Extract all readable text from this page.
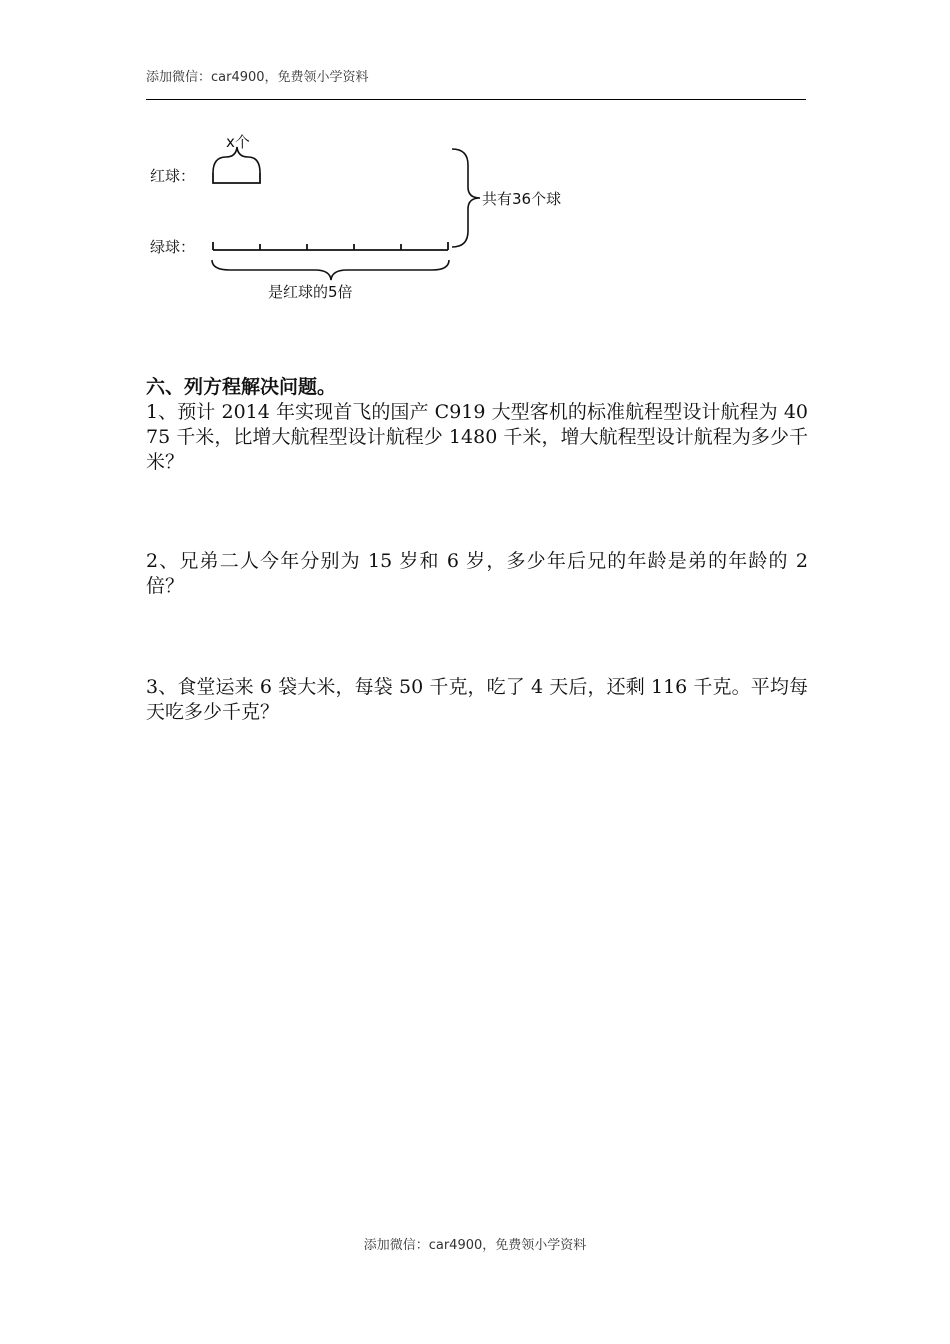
添加微信：car4900，免费领小学资料
红球：
x个
绿球：
是红球的5倍
共有36个球
六、列方程解决问题。
1、预计 2014 年实现首飞的国产 C919 大型客机的标准航程型设计航程为 4075 千米，比增大航程型设计航程少 1480 千米，增大航程型设计航程为多少千米？
2、兄弟二人今年分别为 15 岁和 6 岁，多少年后兄的年龄是弟的年龄的 2 倍？
3、食堂运来 6 袋大米，每袋 50 千克，吃了 4 天后，还剩 116 千克。平均每天吃多少千克？
添加微信：car4900，免费领小学资料
